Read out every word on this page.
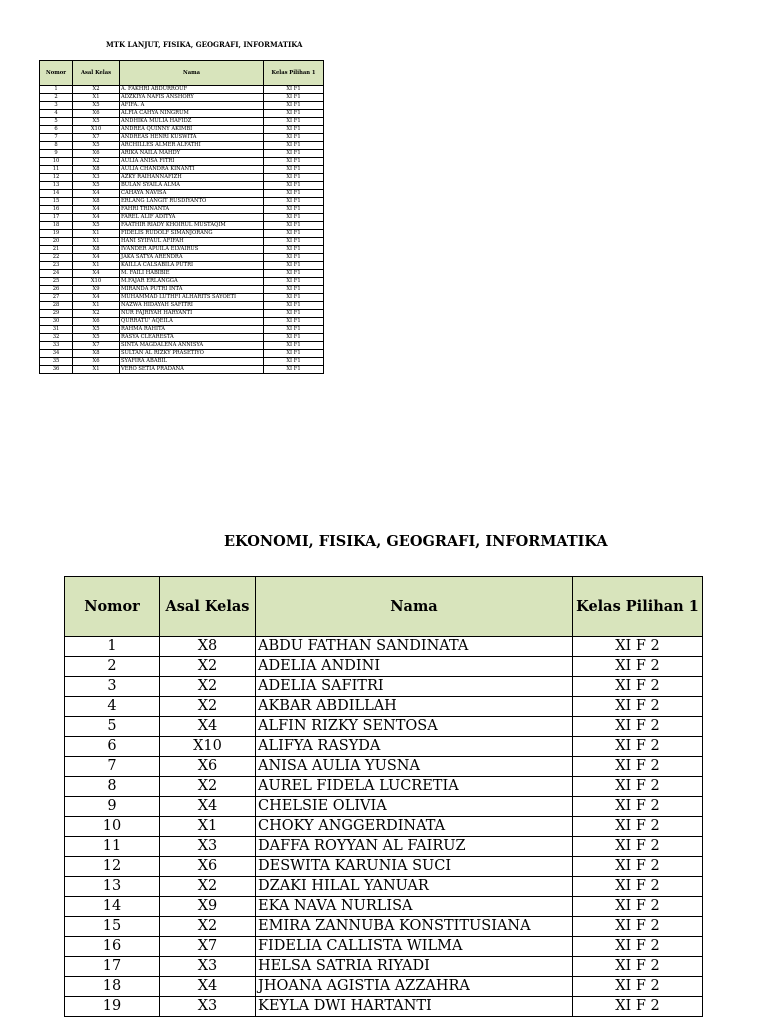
MTK LANJUT, FISIKA, GEOGRAFI, INFORMATIKA
Nomor	Asal Kelas	Nama	Kelas Pilihan 1
1	X2	A. FAKHRI ABDURROUF	XI F1
2	X1	ADZKIYA NAFIS ANSHORY	XI F1
3	X5	AFIFA. A	XI F1
4	X6	ALFIA CAHYA NINGRUM	XI F1
5	X5	ANDHIKA MULIA HAFIDZ	XI F1
6	X10	ANDREA QUINNY AKIMBI	XI F1
7	X7	ANDREAS HENRI KUSWITA	XI F1
8	X5	ARCHILLES ALMER ALFATHI	XI F1
9	X6	ARIKA NAILA MAHDY	XI F1
10	X2	AULIA ANISA FITRI	XI F1
11	X8	AULIA CHANDRA KINANTI	XI F1
12	X3	AZKY RAIHANNAFIZH	XI F1
13	X5	BULAN SYAILA ALMA	XI F1
14	X4	CAHAYA NAVISA	XI F1
15	X8	ERLANG LANGIT RUSDIYANTO	XI F1
16	X4	FAHRI TRINANTA	XI F1
17	X4	FAREL ALIF ADITYA	XI F1
18	X5	FAATHIR RIADY KHOIRUL MUSTAQIM	XI F1
19	X1	FIDELIS RUDOLF SIMANJORANG	XI F1
20	X1	HANI SYIFAUL AFIFAH	XI F1
21	X8	IVANDER APUILA ELVAIRUS	XI F1
22	X4	JAKA SATYA ARENDRA	XI F1
23	X1	KAILLA CALSABILA PUTRI	XI F1
24	X4	M. FAILI HABIBIE	XI F1
25	X10	M.FAJAR ERLANGGA	XI F1
26	X9	MIRANDA PUTRI INTA	XI F1
27	X4	MUHAMMAD LUTHFI ALHARITS SAYOETI	XI F1
28	X1	NAZWA HIDAYAH SAFITRI	XI F1
29	X2	NUR FAJRIYAH HARYANTI	XI F1
30	X6	QURRATU' AQEILA	XI F1
31	X5	RAHMA RAHITA	XI F1
32	X5	RASYA CLEARESTA	XI F1
33	X7	SINTA MAGDALENA ANNISYA	XI F1
34	X8	SULTAN AL RIZKY PRASETIYO	XI F1
35	X6	SYAFIRA ABABIL	XI F1
36	X1	VERO SETIA PRADANA	XI F1
EKONOMI, FISIKA, GEOGRAFI, INFORMATIKA
Nomor	Asal Kelas	Nama	Kelas Pilihan 1
1	X8	ABDU FATHAN SANDINATA	XI F 2
2	X2	ADELIA ANDINI	XI F 2
3	X2	ADELIA SAFITRI	XI F 2
4	X2	AKBAR ABDILLAH	XI F 2
5	X4	ALFIN RIZKY SENTOSA	XI F 2
6	X10	ALIFYA RASYDA	XI F 2
7	X6	ANISA AULIA YUSNA	XI F 2
8	X2	AUREL FIDELA LUCRETIA	XI F 2
9	X4	CHELSIE OLIVIA	XI F 2
10	X1	CHOKY ANGGERDINATA	XI F 2
11	X3	DAFFA ROYYAN AL FAIRUZ	XI F 2
12	X6	DESWITA KARUNIA SUCI	XI F 2
13	X2	DZAKI HILAL YANUAR	XI F 2
14	X9	EKA NAVA NURLISA	XI F 2
15	X2	EMIRA ZANNUBA KONSTITUSIANA	XI F 2
16	X7	FIDELIA CALLISTA WILMA	XI F 2
17	X3	HELSA SATRIA RIYADI	XI F 2
18	X4	JHOANA AGISTIA AZZAHRA	XI F 2
19	X3	KEYLA DWI HARTANTI	XI F 2
